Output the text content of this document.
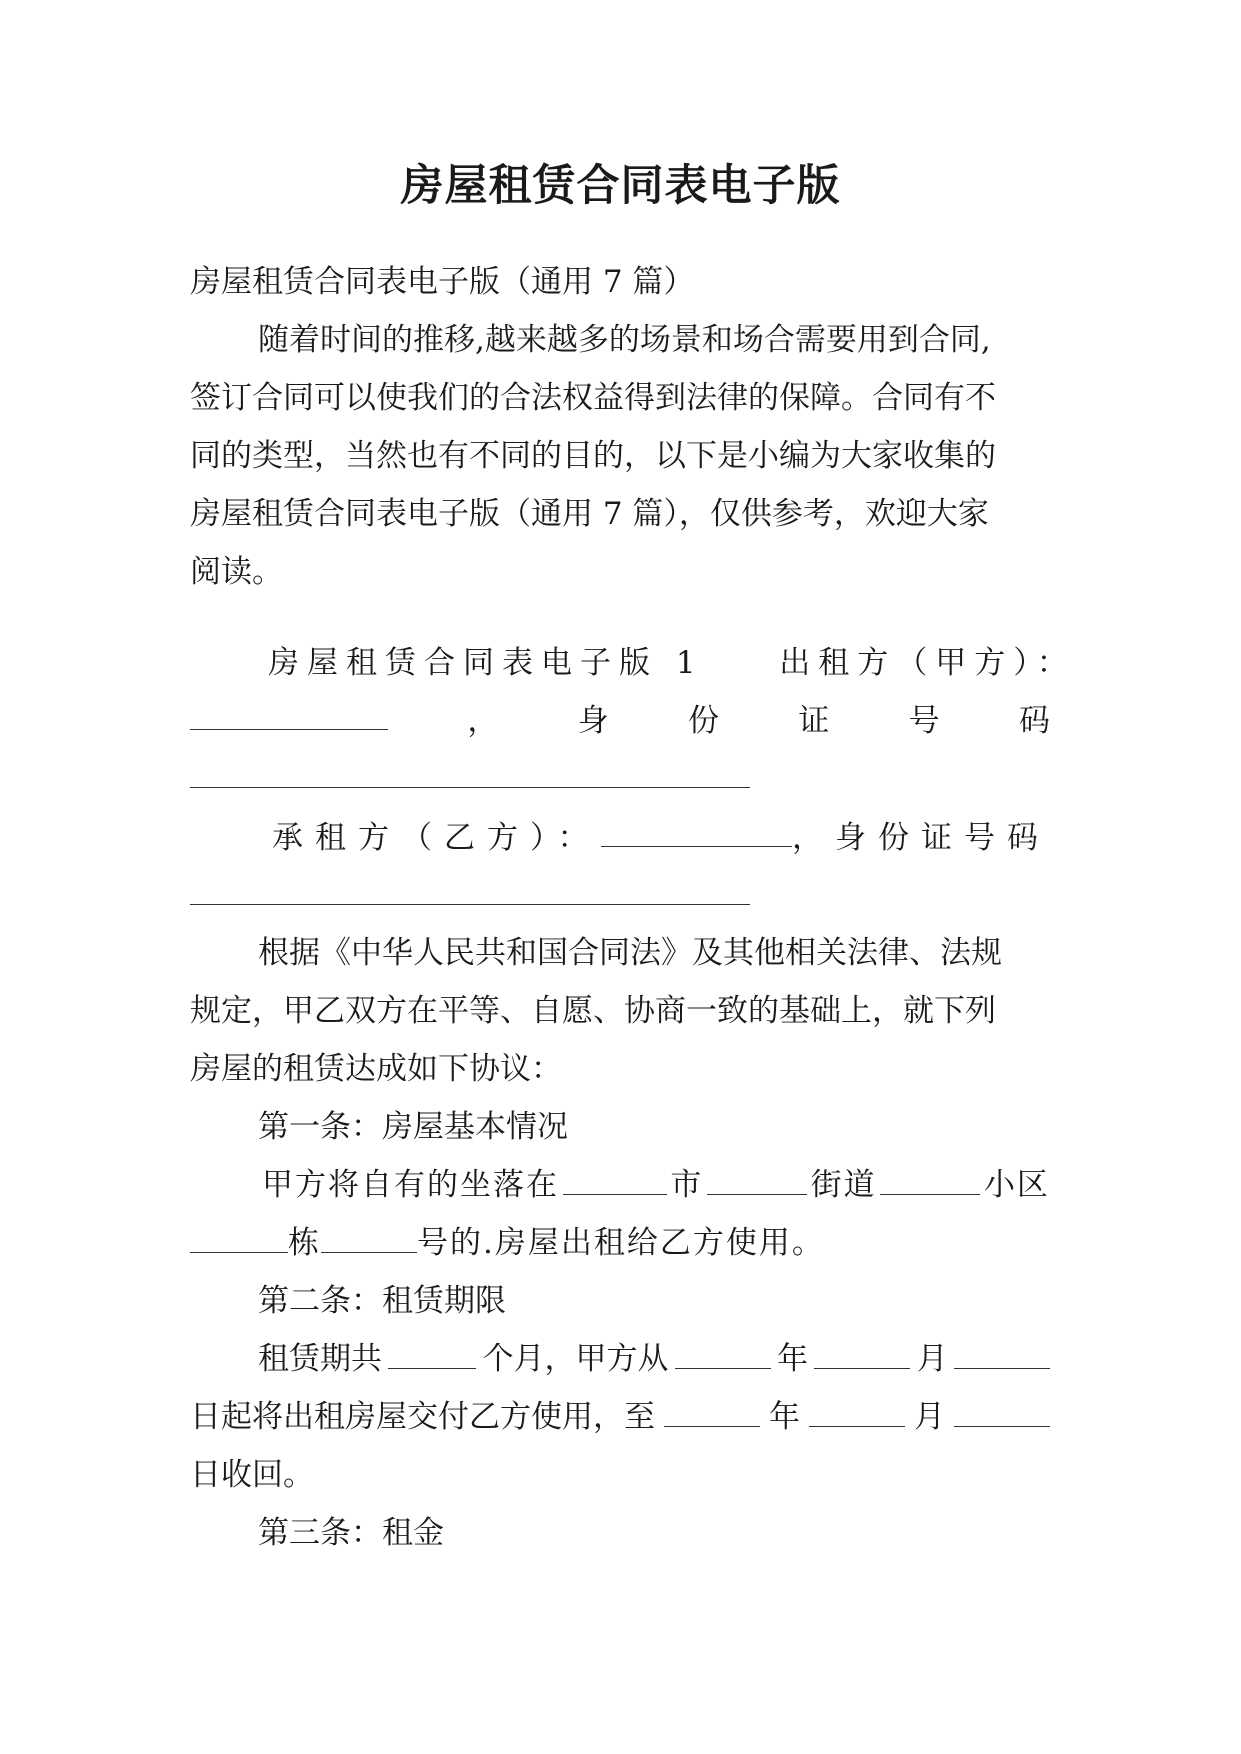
房屋租赁合同表电子版
房屋租赁合同表电子版（通用 7 篇）
随着时间的推移,越来越多的场景和场合需要用到合同,
签订合同可以使我们的合法权益得到法律的保障。合同有不
同的类型，当然也有不同的目的，以下是小编为大家收集的
房屋租赁合同表电子版（通用 7 篇），仅供参考，欢迎大家
阅读。
房屋租赁合同表电子版 1 出租方（甲方）：
，	身	份	证	号	码
承租方（乙方）：	，身份证号码
根据《中华人民共和国合同法》及其他相关法律、法规
规定，甲乙双方在平等、自愿、协商一致的基础上，就下列
房屋的租赁达成如下协议：
第一条：房屋基本情况
甲方将自有的坐落在	市	街道	小区
栋	号的.房屋出租给乙方使用。
第二条：租赁期限
租赁期共	个月，甲方从	年	月
日起将出租房屋交付乙方使用，至	年	月
日收回。
第三条：租金
